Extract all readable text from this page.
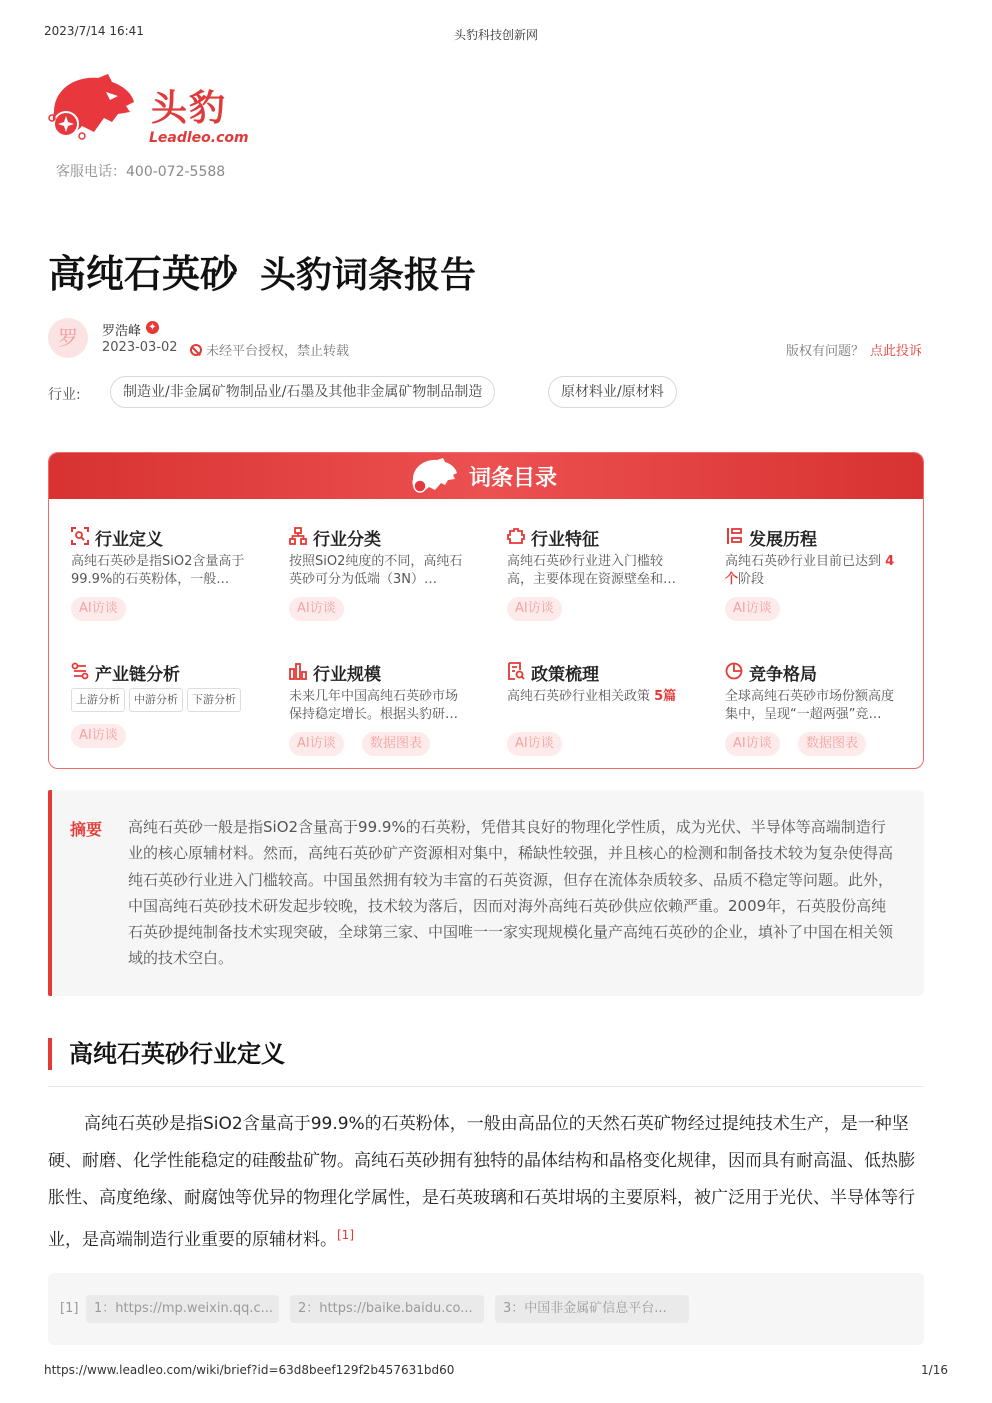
2023/7/14 16:41	头豹科技创新网
头豹
Leadleo.com
客服电话：400-072-5588
高纯石英砂 头豹词条报告
罗	罗浩峰 ✦
2023-03-02	未经平台授权，禁止转载	版权有问题？ 点此投诉
行业:	制造业/非金属矿物制品业/石墨及其他非金属矿物制品制造	原材料业/原材料
词条目录
行业定义
高纯石英砂是指SiO2含量高于99.9%的石英粉体，一般…
AI访谈
行业分类
按照SiO2纯度的不同，高纯石英砂可分为低端（3N）…
AI访谈
行业特征
高纯石英砂行业进入门槛较高，主要体现在资源壁垒和…
AI访谈
发展历程
高纯石英砂行业目前已达到 4个阶段
AI访谈
产业链分析
上游分析	中游分析	下游分析
AI访谈
行业规模
未来几年中国高纯石英砂市场保持稳定增长。根据头豹研…
AI访谈	数据图表
政策梳理
高纯石英砂行业相关政策 5篇
AI访谈
竞争格局
全球高纯石英砂市场份额高度集中，呈现“一超两强”竞…
AI访谈	数据图表
摘要 高纯石英砂一般是指SiO2含量高于99.9%的石英粉，凭借其良好的物理化学性质，成为光伏、半导体等高端制造行业的核心原辅材料。然而，高纯石英砂矿产资源相对集中，稀缺性较强，并且核心的检测和制备技术较为复杂使得高纯石英砂行业进入门槛较高。中国虽然拥有较为丰富的石英资源，但存在流体杂质较多、品质不稳定等问题。此外，中国高纯石英砂技术研发起步较晚，技术较为落后，因而对海外高纯石英砂供应依赖严重。2009年，石英股份高纯石英砂提纯制备技术实现突破，全球第三家、中国唯一一家实现规模化量产高纯石英砂的企业，填补了中国在相关领域的技术空白。
高纯石英砂行业定义

高纯石英砂是指SiO2含量高于99.9%的石英粉体，一般由高品位的天然石英矿物经过提纯技术生产，是一种坚硬、耐磨、化学性能稳定的硅酸盐矿物。高纯石英砂拥有独特的晶体结构和晶格变化规律，因而具有耐高温、低热膨胀性、高度绝缘、耐腐蚀等优异的物理化学属性，是石英玻璃和石英坩埚的主要原料，被广泛用于光伏、半导体等行业，是高端制造行业重要的原辅材料。[1]

[1]	1：https://mp.weixin.qq.c...	2：https://baike.baidu.co...	3：中国非金属矿信息平台...
https://www.leadleo.com/wiki/brief?id=63d8beef129f2b457631bd60	1/16
